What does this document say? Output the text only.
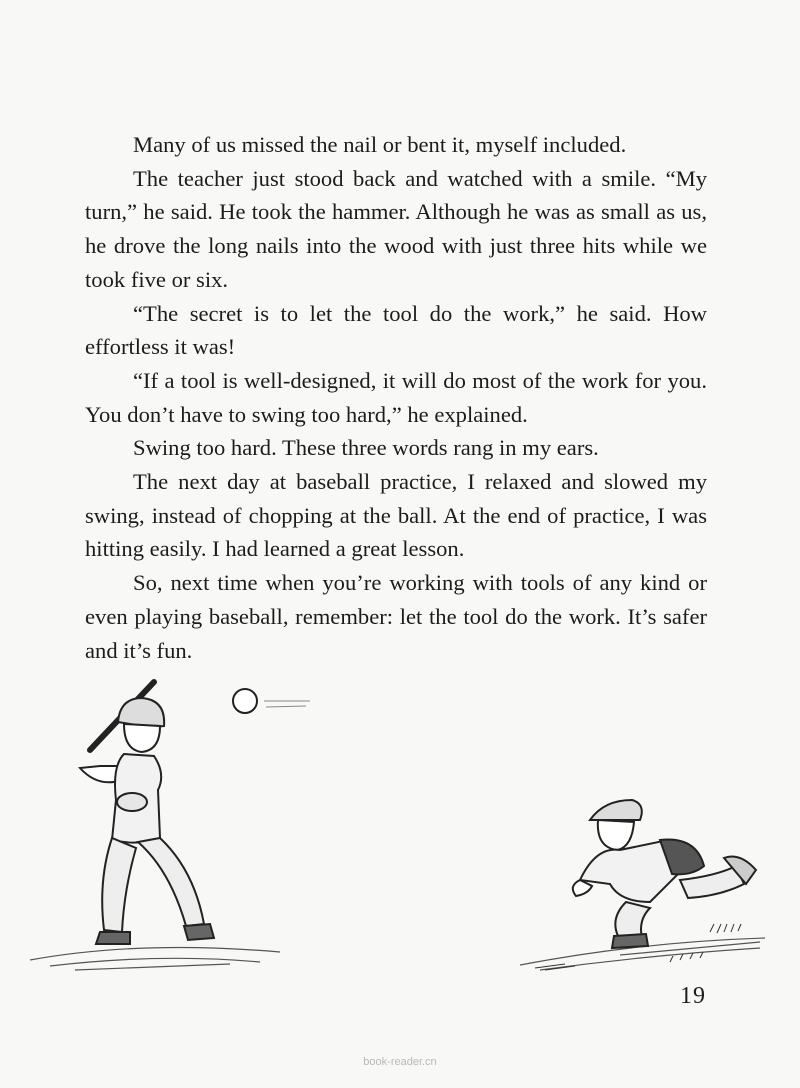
Many of us missed the nail or bent it, myself included.

The teacher just stood back and watched with a smile. “My turn,” he said. He took the hammer. Although he was as small as us, he drove the long nails into the wood with just three hits while we took five or six.

“The secret is to let the tool do the work,” he said. How effortless it was!

“If a tool is well-designed, it will do most of the work for you. You don’t have to swing too hard,” he explained.

Swing too hard. These three words rang in my ears.

The next day at baseball practice, I relaxed and slowed my swing, instead of chopping at the ball. At the end of practice, I was hitting easily. I had learned a great lesson.

So, next time when you’re working with tools of any kind or even playing baseball, remember: let the tool do the work. It’s safer and it’s fun.

19
book-reader.cn
